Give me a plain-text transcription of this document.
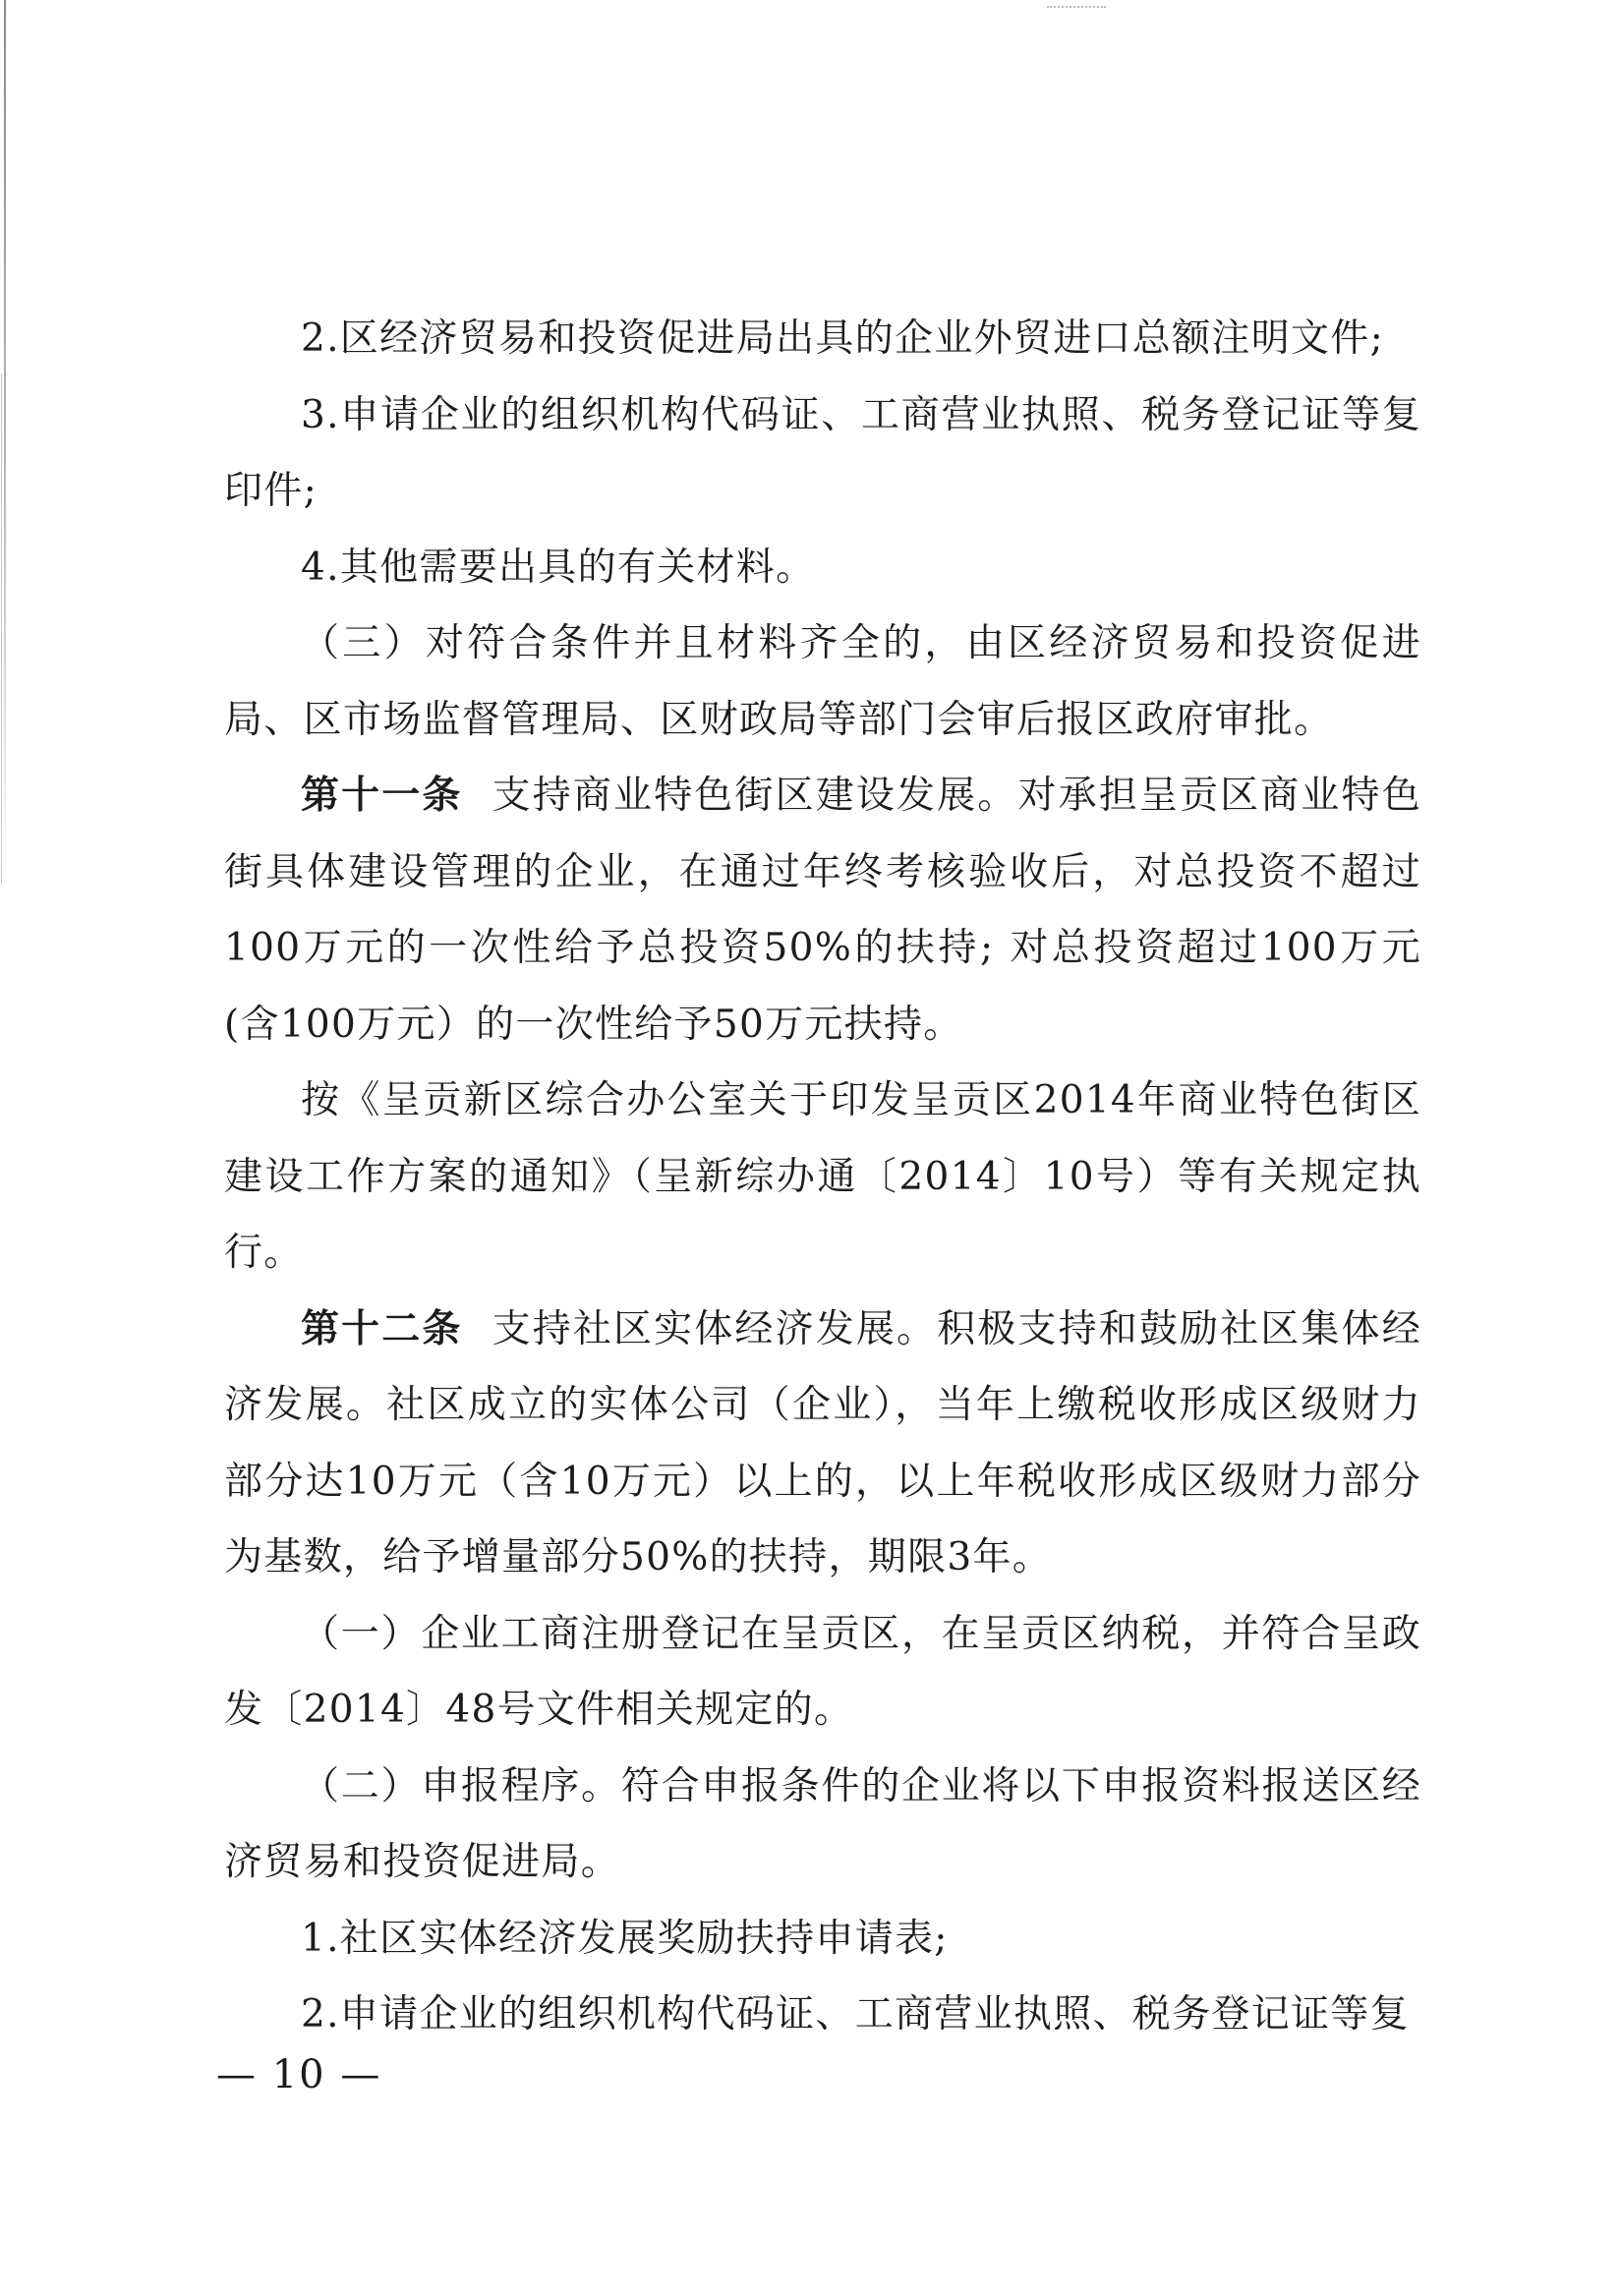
2.区经济贸易和投资促进局出具的企业外贸进口总额注明文件;

3.申请企业的组织机构代码证、工商营业执照、税务登记证等复印件;

4.其他需要出具的有关材料。

（三）对符合条件并且材料齐全的，由区经济贸易和投资促进局、区市场监督管理局、区财政局等部门会审后报区政府审批。

第十一条 支持商业特色街区建设发展。对承担呈贡区商业特色街具体建设管理的企业，在通过年终考核验收后，对总投资不超过100万元的一次性给予总投资50%的扶持; 对总投资超过100万元(含100万元）的一次性给予50万元扶持。

按《呈贡新区综合办公室关于印发呈贡区2014年商业特色街区建设工作方案的通知》（呈新综办通〔2014〕10号）等有关规定执行。

第十二条 支持社区实体经济发展。积极支持和鼓励社区集体经济发展。社区成立的实体公司（企业），当年上缴税收形成区级财力部分达10万元（含10万元）以上的，以上年税收形成区级财力部分为基数，给予增量部分50%的扶持，期限3年。

（一）企业工商注册登记在呈贡区，在呈贡区纳税，并符合呈政发〔2014〕48号文件相关规定的。

（二）申报程序。符合申报条件的企业将以下申报资料报送区经济贸易和投资促进局。

1.社区实体经济发展奖励扶持申请表;

2.申请企业的组织机构代码证、工商营业执照、税务登记证等复

— 10 —
